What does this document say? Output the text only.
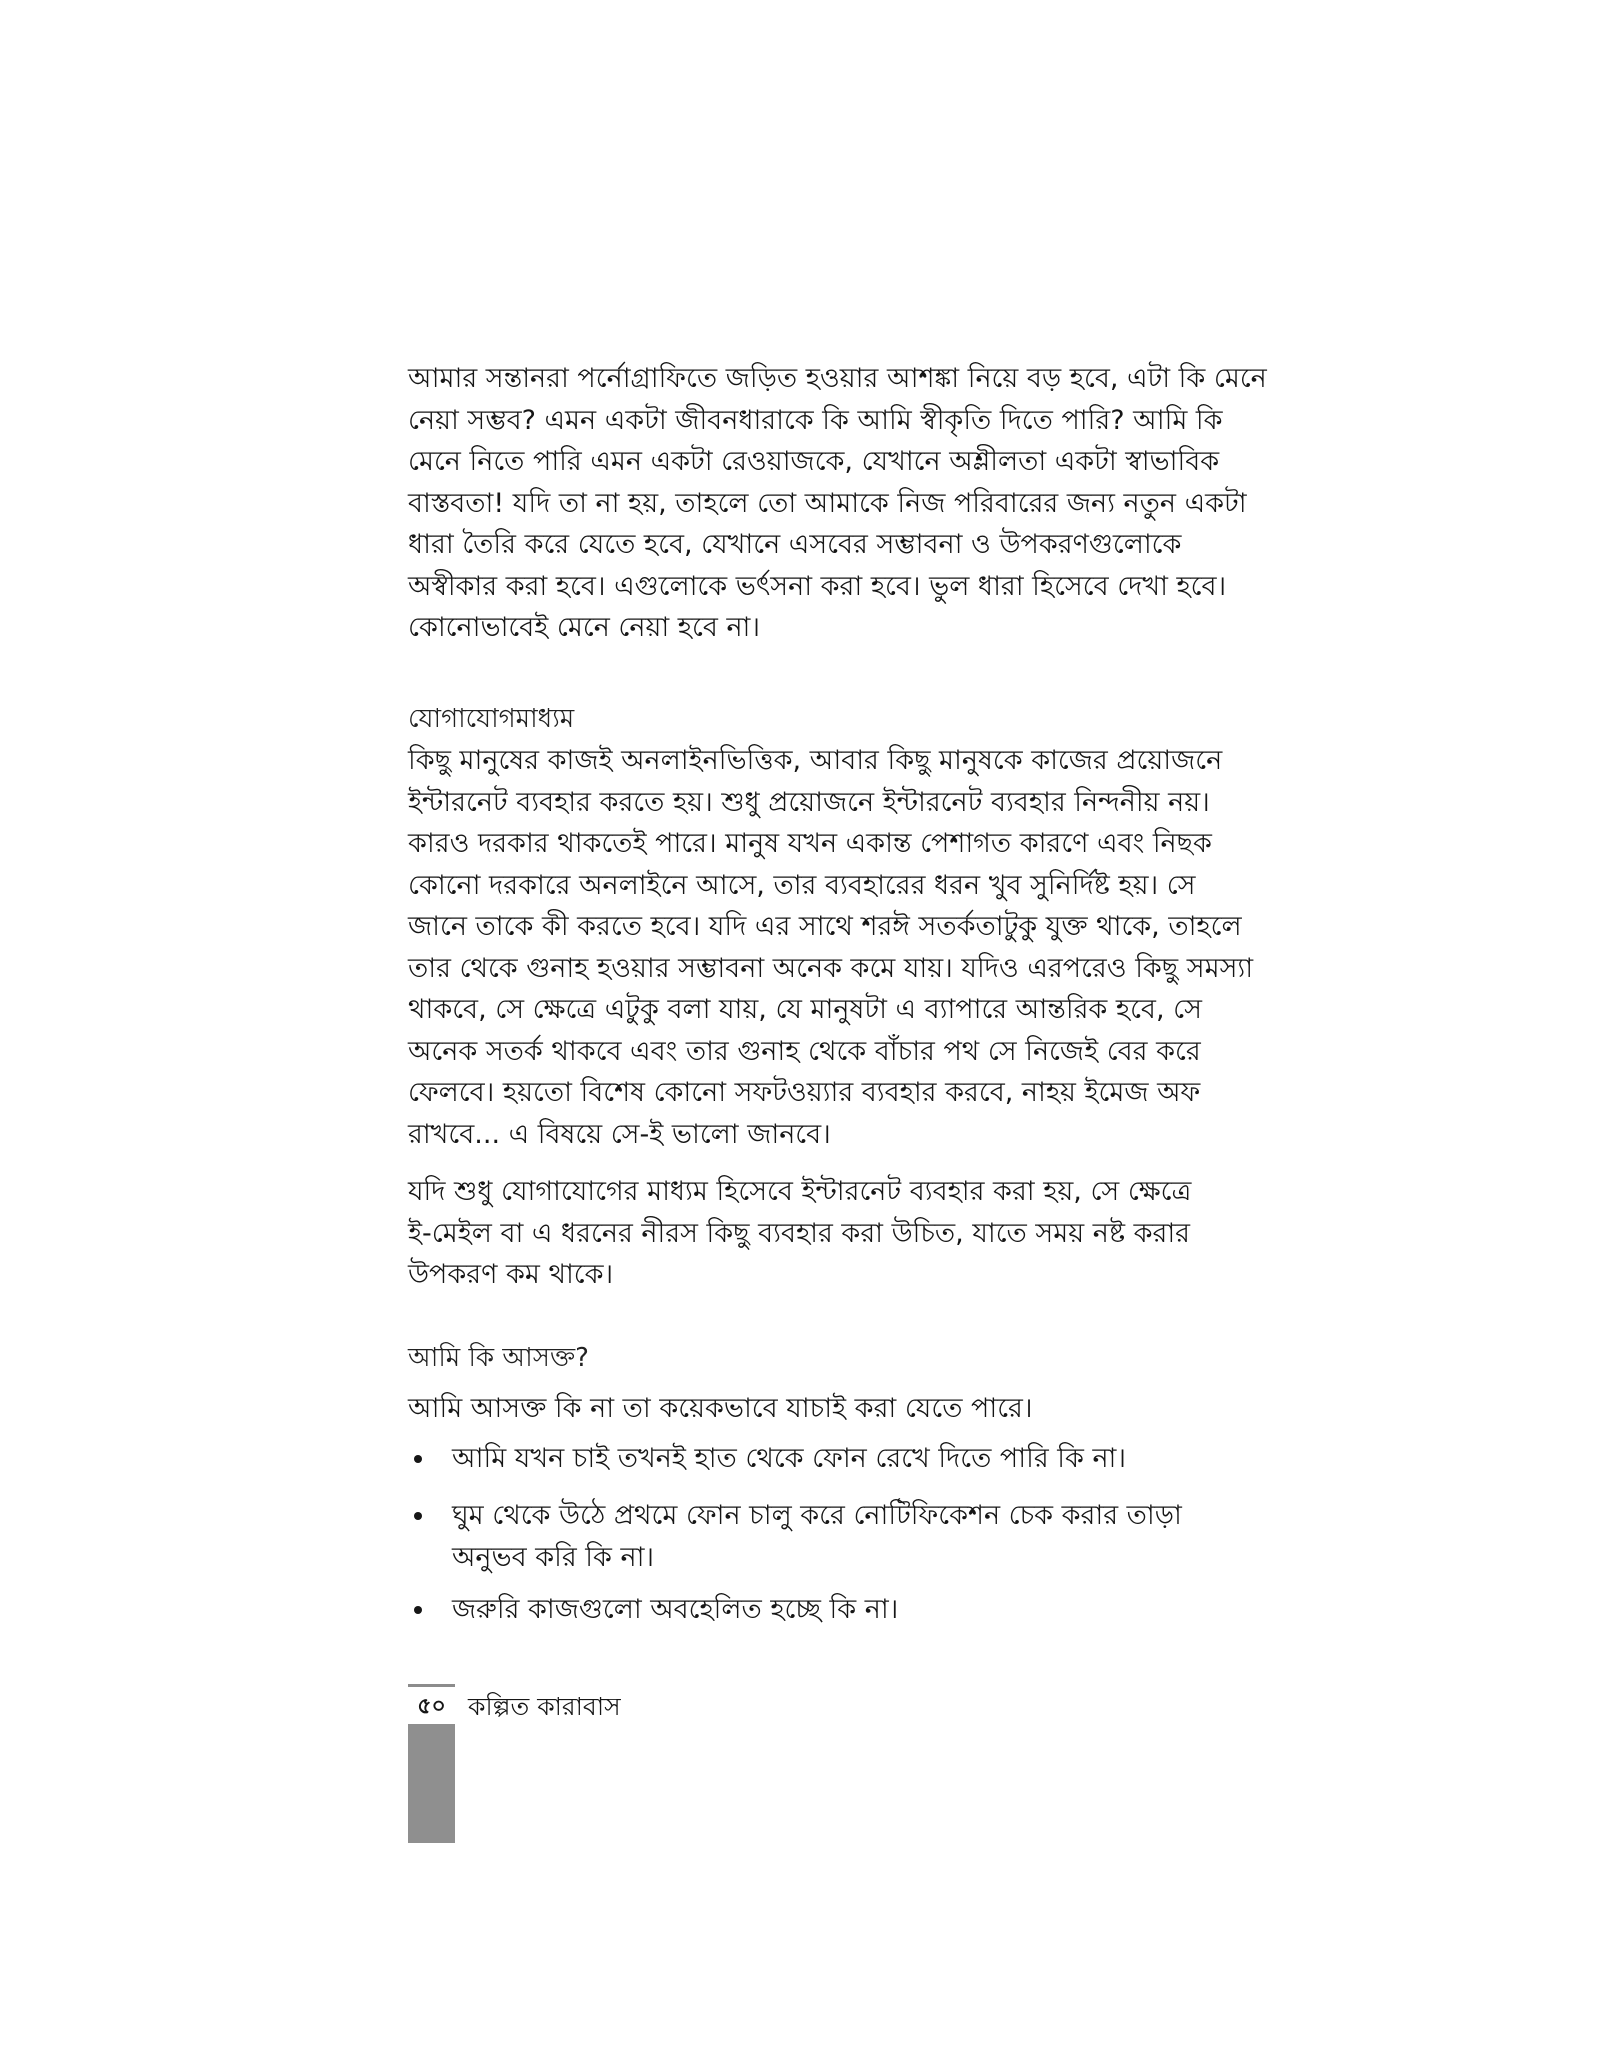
আমার সন্তানরা পর্নোগ্রাফিতে জড়িত হওয়ার আশঙ্কা নিয়ে বড় হবে, এটা কি মেনে
নেয়া সম্ভব? এমন একটা জীবনধারাকে কি আমি স্বীকৃতি দিতে পারি? আমি কি
মেনে নিতে পারি এমন একটা রেওয়াজকে, যেখানে অশ্লীলতা একটা স্বাভাবিক
বাস্তবতা! যদি তা না হয়, তাহলে তো আমাকে নিজ পরিবারের জন্য নতুন একটা
ধারা তৈরি করে যেতে হবে, যেখানে এসবের সম্ভাবনা ও উপকরণগুলোকে
অস্বীকার করা হবে। এগুলোকে ভর্ৎসনা করা হবে। ভুল ধারা হিসেবে দেখা হবে।
কোনোভাবেই মেনে নেয়া হবে না।
যোগাযোগমাধ্যম
কিছু মানুষের কাজই অনলাইনভিত্তিক, আবার কিছু মানুষকে কাজের প্রয়োজনে
ইন্টারনেট ব্যবহার করতে হয়। শুধু প্রয়োজনে ইন্টারনেট ব্যবহার নিন্দনীয় নয়।
কারও দরকার থাকতেই পারে। মানুষ যখন একান্ত পেশাগত কারণে এবং নিছক
কোনো দরকারে অনলাইনে আসে, তার ব্যবহারের ধরন খুব সুনির্দিষ্ট হয়। সে
জানে তাকে কী করতে হবে। যদি এর সাথে শরঈ সতর্কতাটুকু যুক্ত থাকে, তাহলে
তার থেকে গুনাহ হওয়ার সম্ভাবনা অনেক কমে যায়। যদিও এরপরেও কিছু সমস্যা
থাকবে, সে ক্ষেত্রে এটুকু বলা যায়, যে মানুষটা এ ব্যাপারে আন্তরিক হবে, সে
অনেক সতর্ক থাকবে এবং তার গুনাহ থেকে বাঁচার পথ সে নিজেই বের করে
ফেলবে। হয়তো বিশেষ কোনো সফটওয়্যার ব্যবহার করবে, নাহয় ইমেজ অফ
রাখবে... এ বিষয়ে সে-ই ভালো জানবে।
যদি শুধু যোগাযোগের মাধ্যম হিসেবে ইন্টারনেট ব্যবহার করা হয়, সে ক্ষেত্রে
ই-মেইল বা এ ধরনের নীরস কিছু ব্যবহার করা উচিত, যাতে সময় নষ্ট করার
উপকরণ কম থাকে।
আমি কি আসক্ত?
আমি আসক্ত কি না তা কয়েকভাবে যাচাই করা যেতে পারে।
আমি যখন চাই তখনই হাত থেকে ফোন রেখে দিতে পারি কি না।
ঘুম থেকে উঠে প্রথমে ফোন চালু করে নোটিফিকেশন চেক করার তাড়া
অনুভব করি কি না।
জরুরি কাজগুলো অবহেলিত হচ্ছে কি না।
৫০ কল্পিত কারাবাস
